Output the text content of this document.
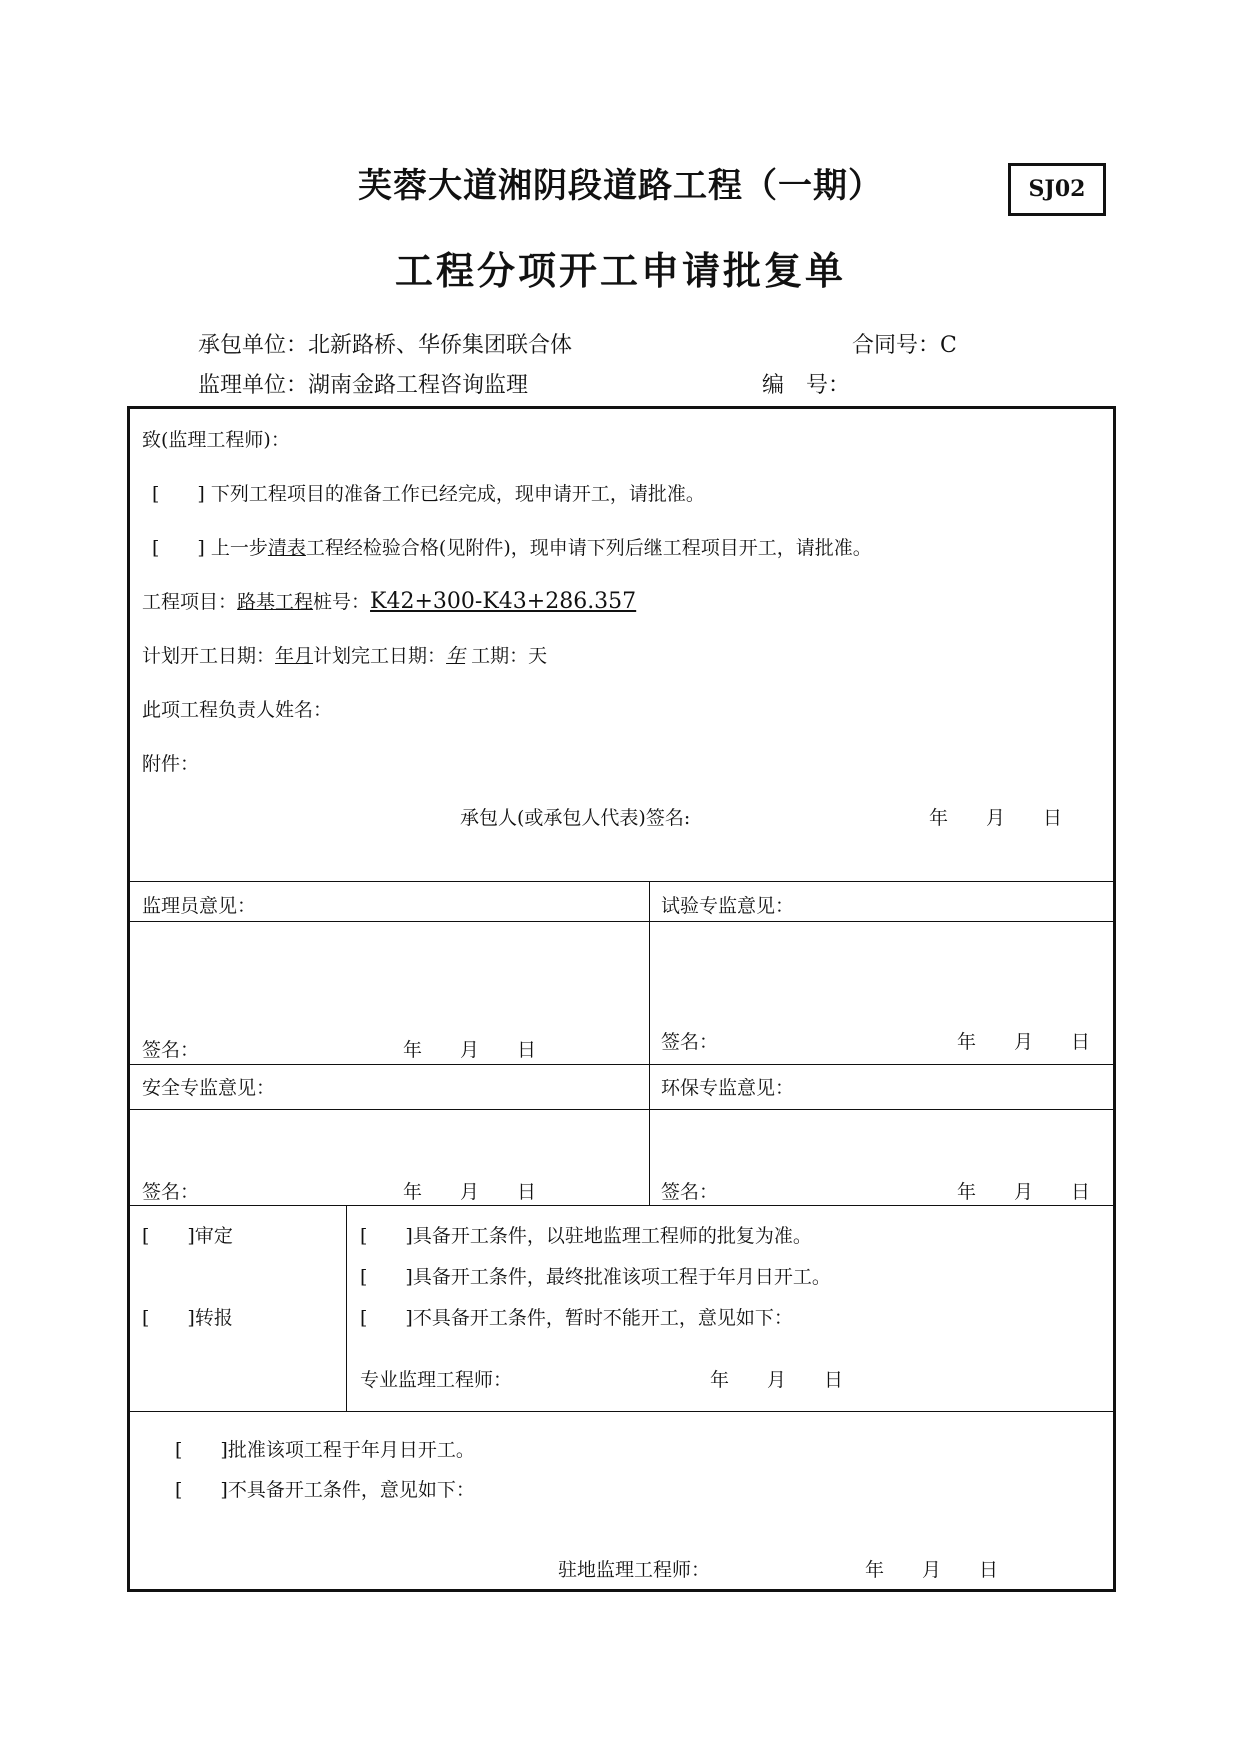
芙蓉大道湘阴段道路工程（一期）	SJ02
工程分项开工申请批复单
承包单位：北新路桥、华侨集团联合体	合同号：C
监理单位：湖南金路工程咨询监理	编　号：
致(监理工程师)：
[　　] 下列工程项目的准备工作已经完成，现申请开工，请批准。
[　　] 上一步清表工程经检验合格(见附件)，现申请下列后继工程项目开工，请批准。
工程项目：路基工程桩号：K42+300-K43+286.357
计划开工日期：年月计划完工日期：年 工期：天
此项工程负责人姓名：
附件：
承包人(或承包人代表)签名:	年　　月　　日
监理员意见：	试验专监意见：
签名：	年　　月　　日	签名：	年　　月　　日
安全专监意见：	环保专监意见：
签名：	年　　月　　日	签名：	年　　月　　日
[　　]审定
[　　]转报
[　　]具备开工条件，以驻地监理工程师的批复为准。
[　　]具备开工条件，最终批准该项工程于年月日开工。
[　　]不具备开工条件，暂时不能开工，意见如下：
专业监理工程师：	年　　月　　日
[　　]批准该项工程于年月日开工。
[　　]不具备开工条件，意见如下：
驻地监理工程师：	年　　月　　日
